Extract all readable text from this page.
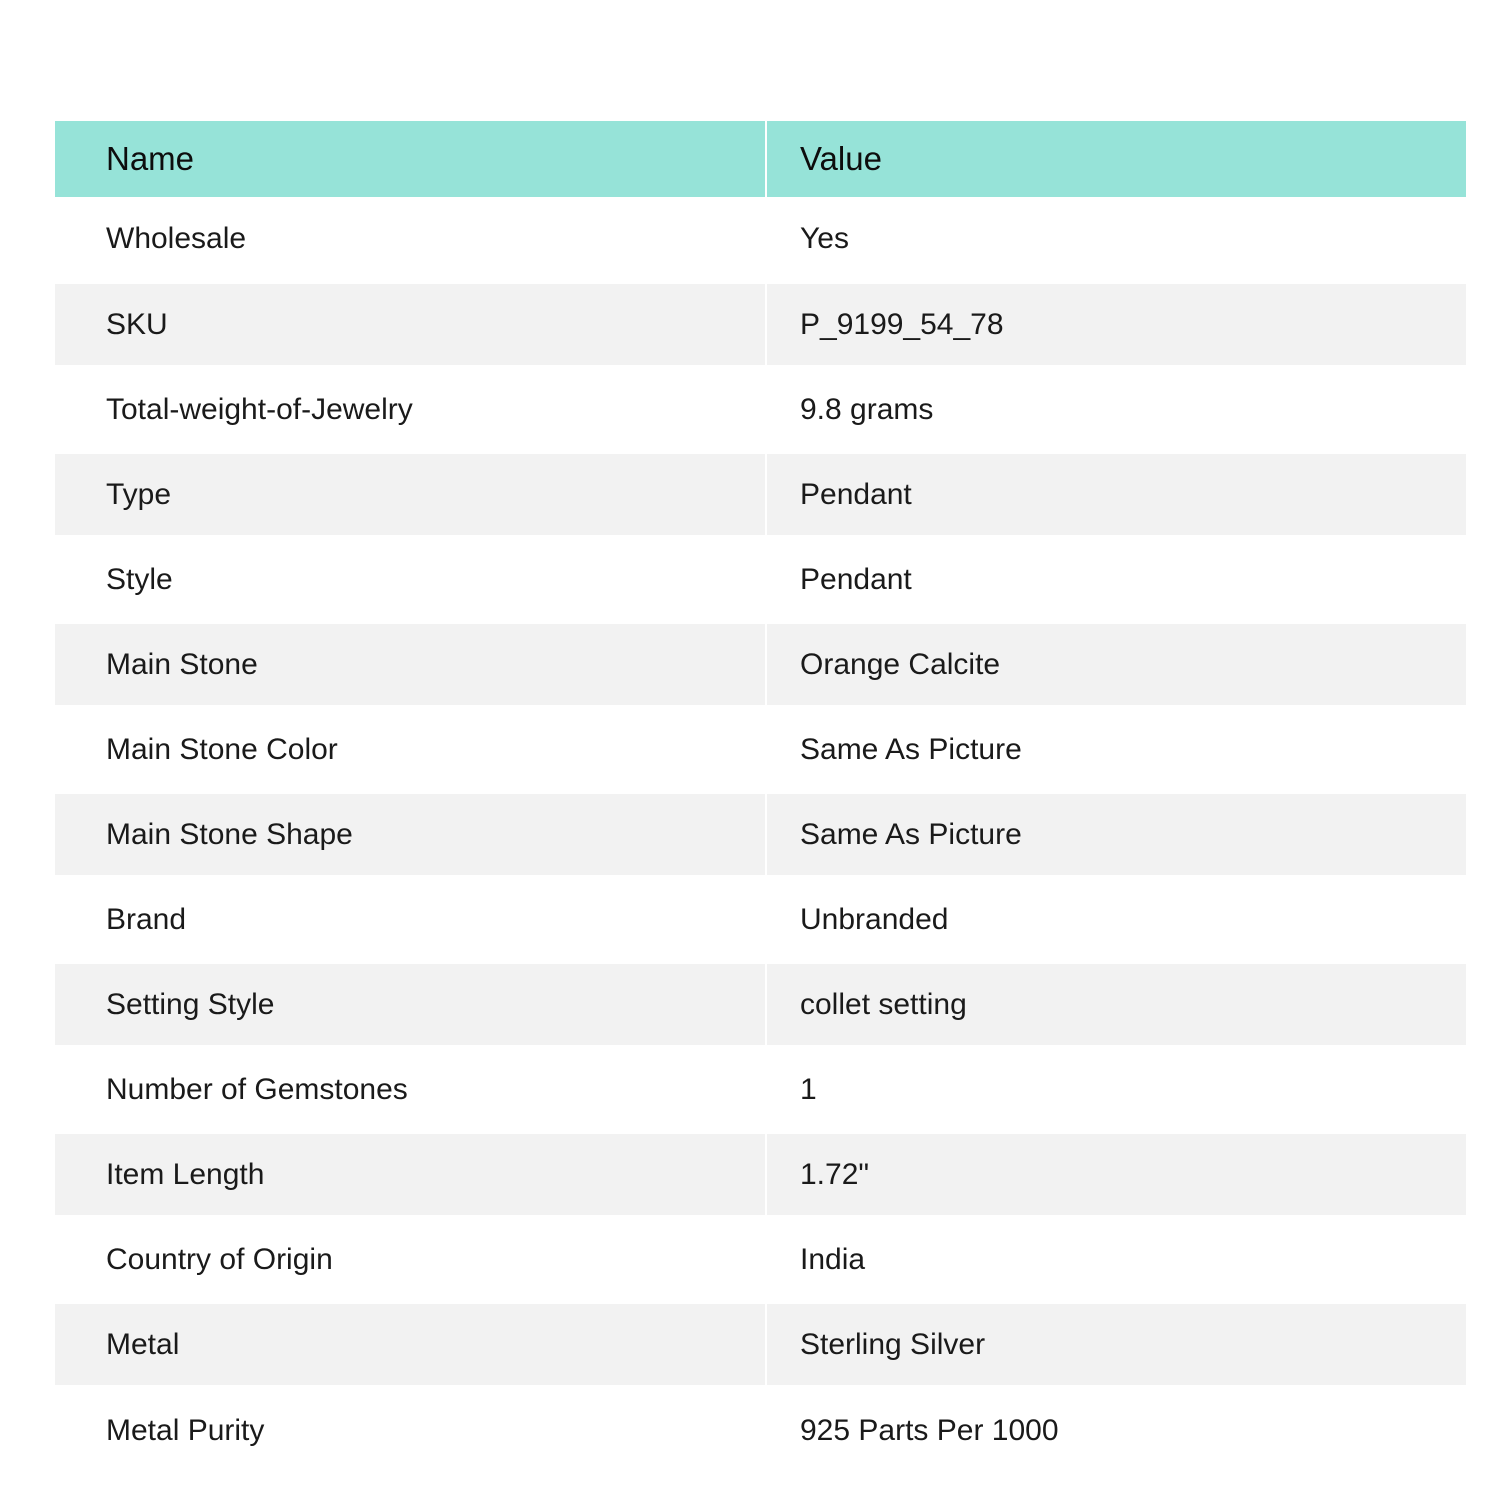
Name	Value
Wholesale	Yes
SKU	P_9199_54_78
Total-weight-of-Jewelry	9.8 grams
Type	Pendant
Style	Pendant
Main Stone	Orange Calcite
Main Stone Color	Same As Picture
Main Stone Shape	Same As Picture
Brand	Unbranded
Setting Style	collet setting
Number of Gemstones	1
Item Length	1.72"
Country of Origin	India
Metal	Sterling Silver
Metal Purity	925 Parts Per 1000
